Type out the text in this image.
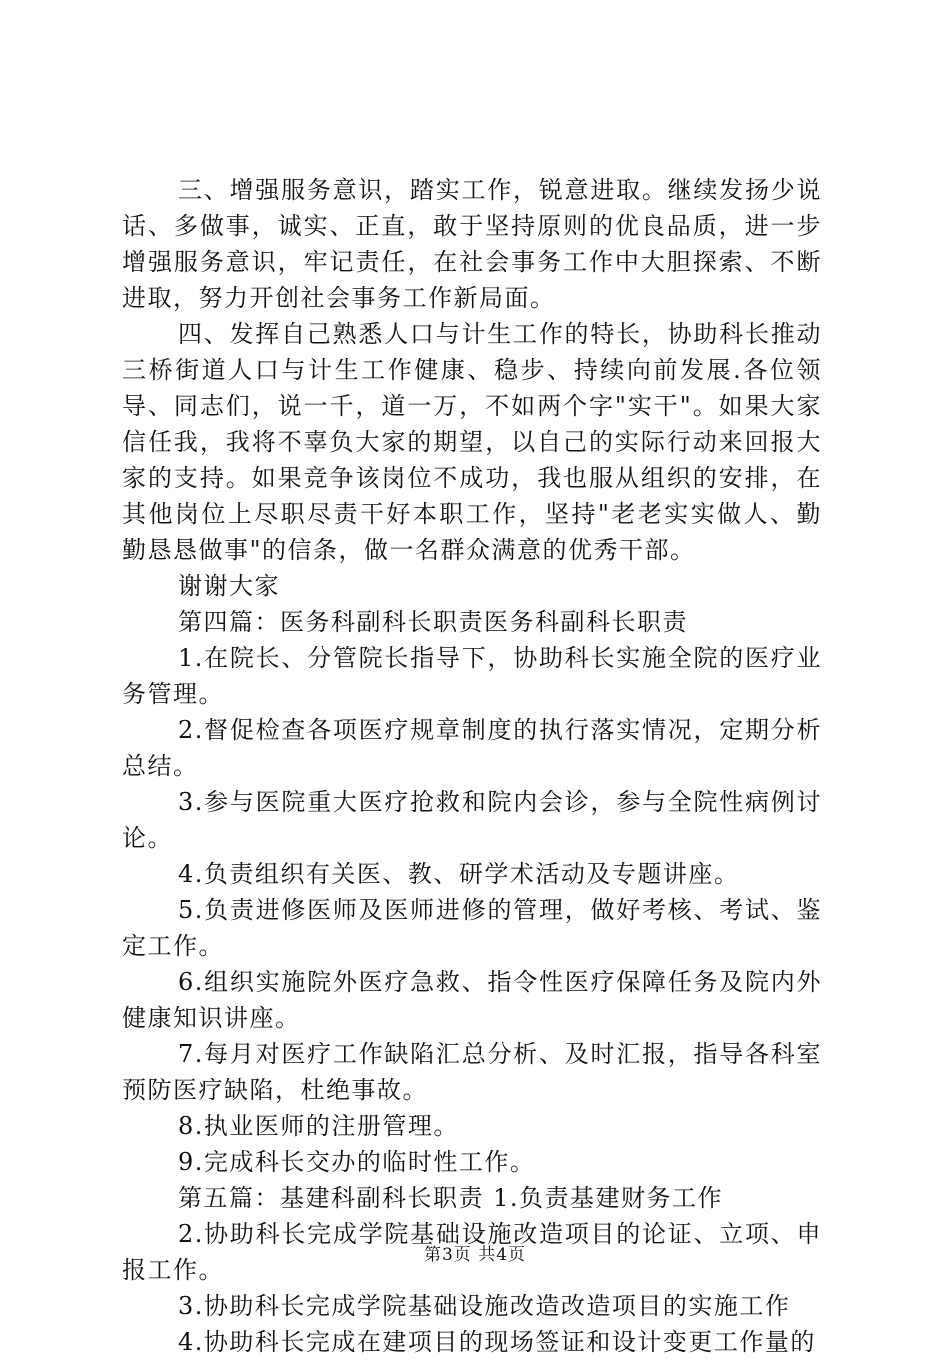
三、增强服务意识，踏实工作，锐意进取。继续发扬少说话、多做事，诚实、正直，敢于坚持原则的优良品质，进一步增强服务意识，牢记责任，在社会事务工作中大胆探索、不断进取，努力开创社会事务工作新局面。

四、发挥自己熟悉人口与计生工作的特长，协助科长推动三桥街道人口与计生工作健康、稳步、持续向前发展.各位领导、同志们，说一千，道一万，不如两个字"实干"。如果大家信任我，我将不辜负大家的期望，以自己的实际行动来回报大家的支持。如果竞争该岗位不成功，我也服从组织的安排，在其他岗位上尽职尽责干好本职工作，坚持"老老实实做人、勤勤恳恳做事"的信条，做一名群众满意的优秀干部。

谢谢大家

第四篇：医务科副科长职责医务科副科长职责

1.在院长、分管院长指导下，协助科长实施全院的医疗业务管理。

2.督促检查各项医疗规章制度的执行落实情况，定期分析总结。

3.参与医院重大医疗抢救和院内会诊，参与全院性病例讨论。

4.负责组织有关医、教、研学术活动及专题讲座。

5.负责进修医师及医师进修的管理，做好考核、考试、鉴定工作。

6.组织实施院外医疗急救、指令性医疗保障任务及院内外健康知识讲座。

7.每月对医疗工作缺陷汇总分析、及时汇报，指导各科室预防医疗缺陷，杜绝事故。

8.执业医师的注册管理。

9.完成科长交办的临时性工作。

第五篇：基建科副科长职责 1.负责基建财务工作

2.协助科长完成学院基础设施改造项目的论证、立项、申报工作。

3.协助科长完成学院基础设施改造改造项目的实施工作

4.协助科长完成在建项目的现场签证和设计变更工作量的

第3页 共4页
